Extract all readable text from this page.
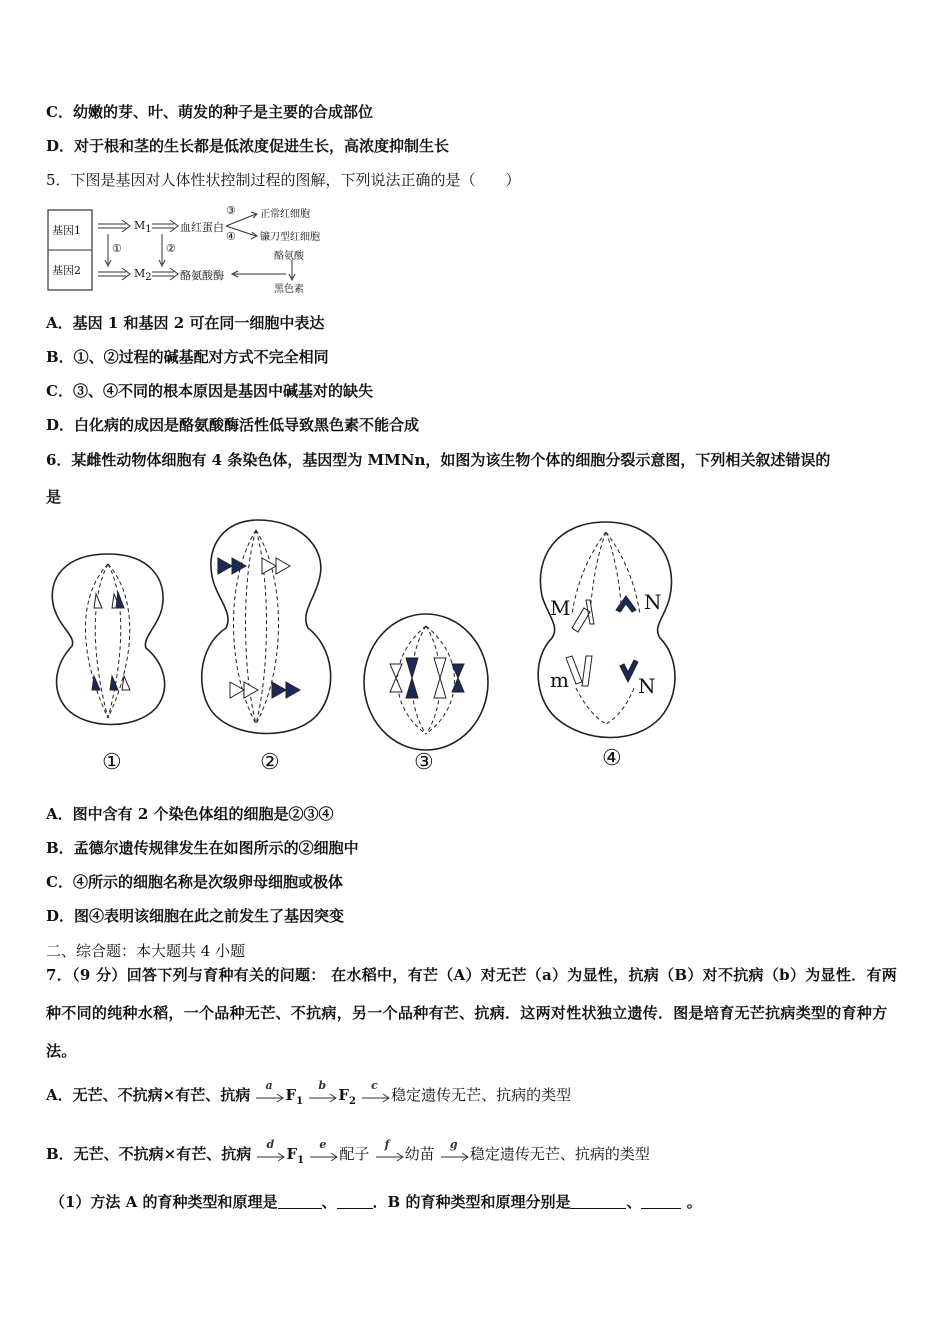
C．幼嫩的芽、叶、萌发的种子是主要的合成部位
D．对于根和茎的生长都是低浓度促进生长，高浓度抑制生长
5．下图是基因对人体性状控制过程的图解，下列说法正确的是（　　）
基因1
基因2
$M_1$
$M_2$
血红蛋白
酪氨酸酶
正常红细胞
镰刀型红细胞
酪氨酸
黑色素
①	②
③
④
A．基因 1 和基因 2 可在同一细胞中表达
B．①、②过程的碱基配对方式不完全相同
C．③、④不同的根本原因是基因中碱基对的缺失
D．白化病的成因是酪氨酸酶活性低导致黑色素不能合成
6．某雌性动物体细胞有 4 条染色体，基因型为 MMNn，如图为该生物个体的细胞分裂示意图，下列相关叙述错误的
是
①	②	③	④
M	N
m	N
A．图中含有 2 个染色体组的细胞是②③④
B．孟德尔遗传规律发生在如图所示的②细胞中
C．④所示的细胞名称是次级卵母细胞或极体
D．图④表明该细胞在此之前发生了基因突变
二、综合题：本大题共 4 小题
7．（9 分）回答下列与育种有关的问题： 在水稻中，有芒（A）对无芒（a）为显性，抗病（B）对不抗病（b）为显性．有两种不同的纯种水稻，一个品种无芒、不抗病，另一个品种有芒、抗病．这两对性状独立遗传．图是培育无芒抗病类型的育种方法。
A．无芒、不抗病×有芒、抗病
a
$F_1$
b
$F_2$
c
稳定遗传无芒、抗病的类型
B．无芒、不抗病×有芒、抗病
d
$F_1$
e
配子
f
幼苗
g
稳定遗传无芒、抗病的类型
（1）方法 A 的育种类型和原理是	、 ．B 的育种类型和原理分别是	、	。
